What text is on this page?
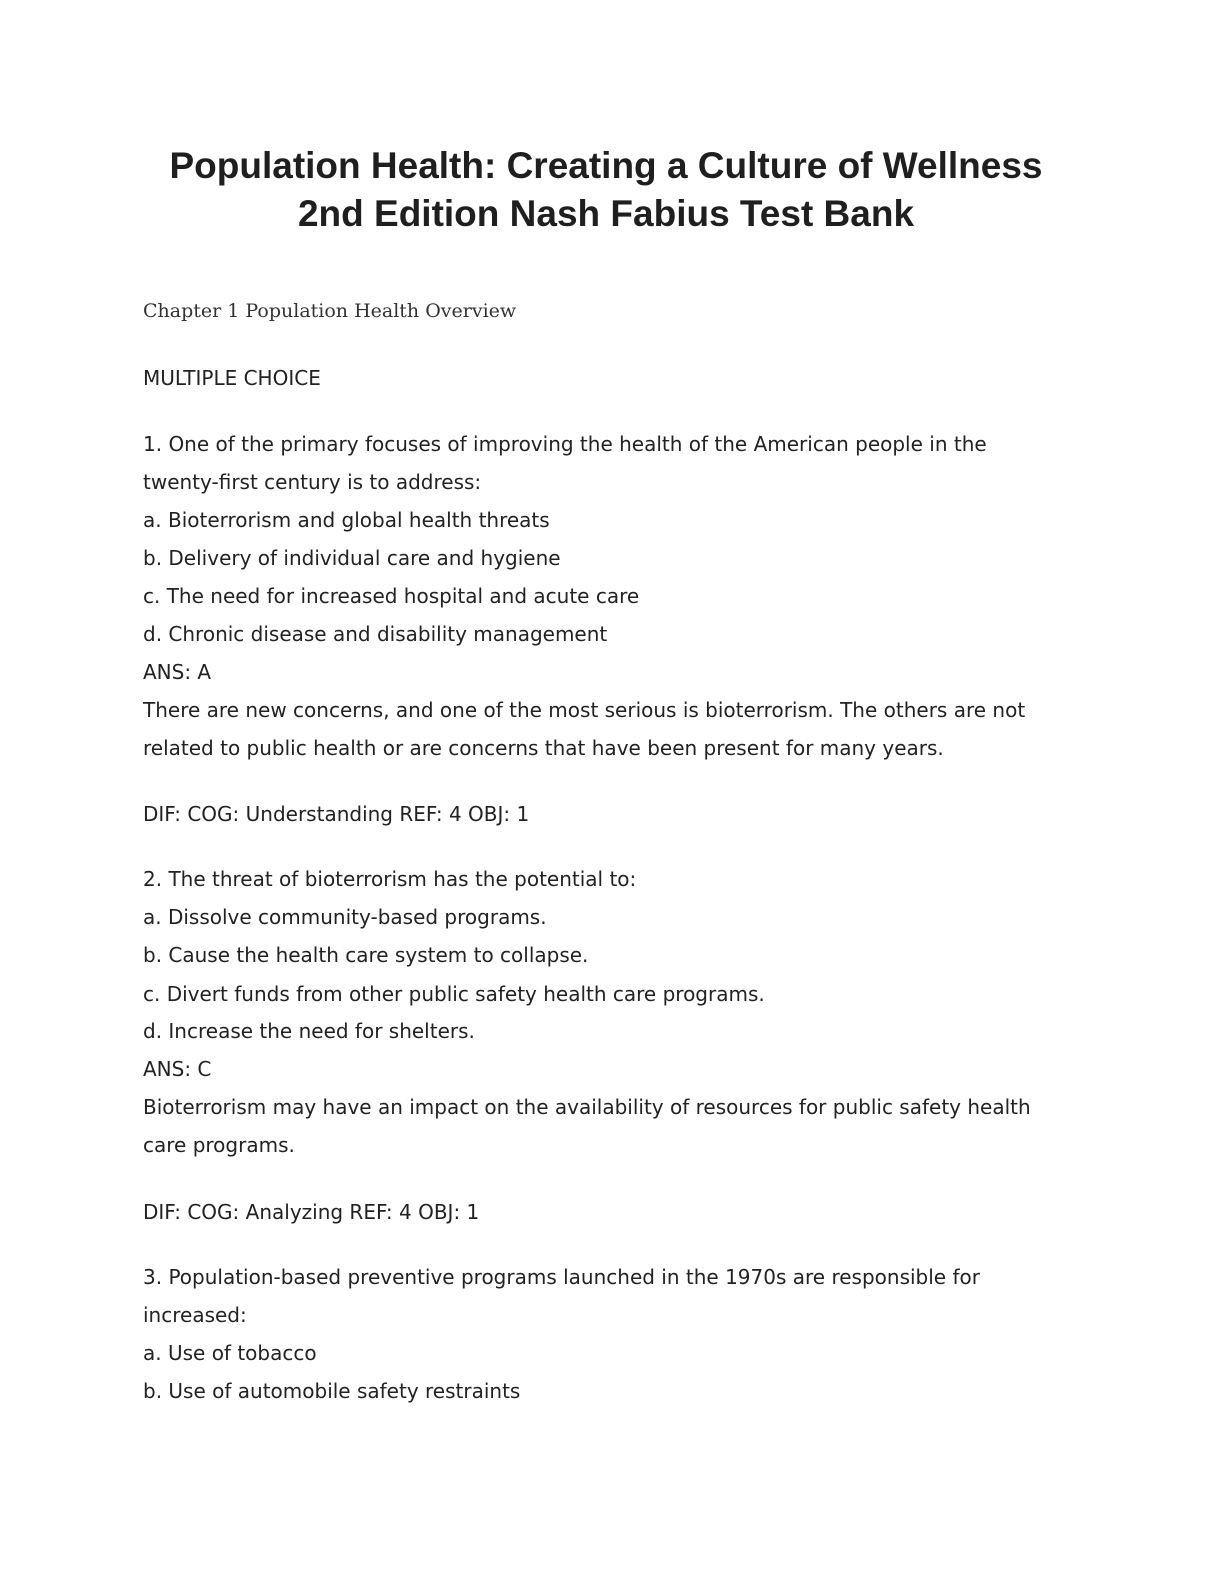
Population Health: Creating a Culture of Wellness
2nd Edition Nash Fabius Test Bank

Chapter 1 Population Health Overview

MULTIPLE CHOICE

1. One of the primary focuses of improving the health of the American people in the

twenty-first century is to address:

a. Bioterrorism and global health threats

b. Delivery of individual care and hygiene

c. The need for increased hospital and acute care

d. Chronic disease and disability management

ANS: A

There are new concerns, and one of the most serious is bioterrorism. The others are not

related to public health or are concerns that have been present for many years.

DIF: COG: Understanding REF: 4 OBJ: 1

2. The threat of bioterrorism has the potential to:

a. Dissolve community-based programs.

b. Cause the health care system to collapse.

c. Divert funds from other public safety health care programs.

d. Increase the need for shelters.

ANS: C

Bioterrorism may have an impact on the availability of resources for public safety health

care programs.

DIF: COG: Analyzing REF: 4 OBJ: 1

3. Population-based preventive programs launched in the 1970s are responsible for

increased:

a. Use of tobacco

b. Use of automobile safety restraints
